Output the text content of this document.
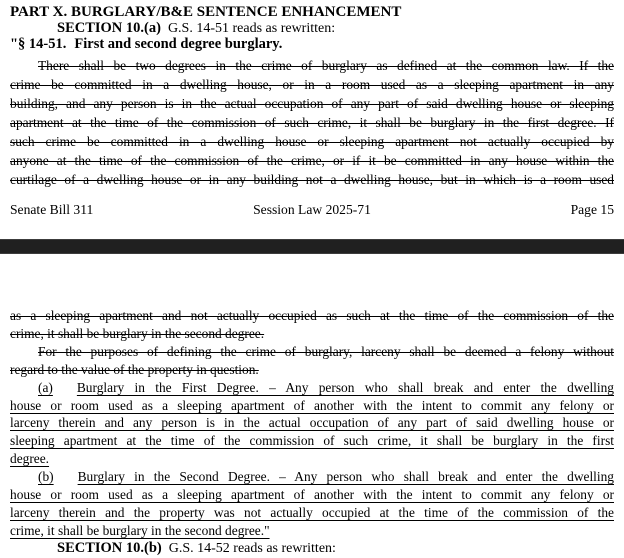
PART X. BURGLARY/B&E SENTENCE ENHANCEMENT
SECTION 10.(a) G.S. 14-51 reads as rewritten:
"§ 14-51. First and second degree burglary.
There shall be two degrees in the crime of burglary as defined at the common law. If the
crime be committed in a dwelling house, or in a room used as a sleeping apartment in any
building, and any person is in the actual occupation of any part of said dwelling house or sleeping
apartment at the time of the commission of such crime, it shall be burglary in the first degree. If
such crime be committed in a dwelling house or sleeping apartment not actually occupied by
anyone at the time of the commission of the crime, or if it be committed in any house within the
curtilage of a dwelling house or in any building not a dwelling house, but in which is a room used
Senate Bill 311	Session Law 2025-71	Page 15
as a sleeping apartment and not actually occupied as such at the time of the commission of the
crime, it shall be burglary in the second degree.
For the purposes of defining the crime of burglary, larceny shall be deemed a felony without
regard to the value of the property in question.
(a) Burglary in the First Degree. – Any person who shall break and enter the dwelling
house or room used as a sleeping apartment of another with the intent to commit any felony or
larceny therein and any person is in the actual occupation of any part of said dwelling house or
sleeping apartment at the time of the commission of such crime, it shall be burglary in the first
degree.
(b) Burglary in the Second Degree. – Any person who shall break and enter the dwelling
house or room used as a sleeping apartment of another with the intent to commit any felony or
larceny therein and the property was not actually occupied at the time of the commission of the
crime, it shall be burglary in the second degree."
SECTION 10.(b) G.S. 14-52 reads as rewritten:
